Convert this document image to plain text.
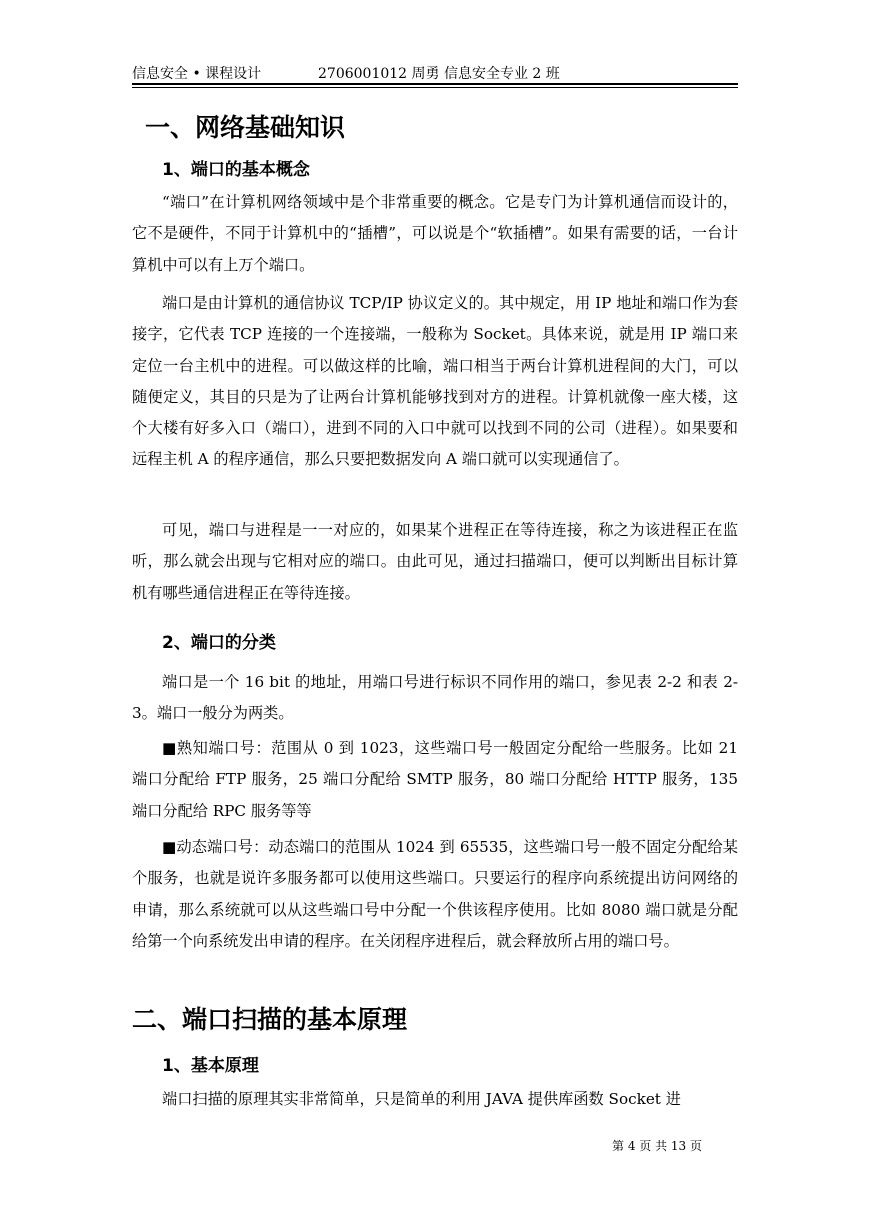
信息安全 • 课程设计	2706001012 周勇 信息安全专业 2 班
一、网络基础知识
1、端口的基本概念
“端口”在计算机网络领域中是个非常重要的概念。它是专门为计算机通信而设计的，它不是硬件，不同于计算机中的“插槽”，可以说是个“软插槽”。如果有需要的话，一台计算机中可以有上万个端口。
端口是由计算机的通信协议 TCP/IP 协议定义的。其中规定，用 IP 地址和端口作为套接字，它代表 TCP 连接的一个连接端，一般称为 Socket。具体来说，就是用 IP 端口来定位一台主机中的进程。可以做这样的比喻，端口相当于两台计算机进程间的大门，可以随便定义，其目的只是为了让两台计算机能够找到对方的进程。计算机就像一座大楼，这个大楼有好多入口（端口），进到不同的入口中就可以找到不同的公司（进程）。如果要和远程主机 A 的程序通信，那么只要把数据发向 A 端口就可以实现通信了。
可见，端口与进程是一一对应的，如果某个进程正在等待连接，称之为该进程正在监听，那么就会出现与它相对应的端口。由此可见，通过扫描端口，便可以判断出目标计算机有哪些通信进程正在等待连接。
2、端口的分类
端口是一个 16 bit 的地址，用端口号进行标识不同作用的端口，参见表 2-2 和表 2-3。端口一般分为两类。
■熟知端口号：范围从 0 到 1023，这些端口号一般固定分配给一些服务。比如 21 端口分配给 FTP 服务，25 端口分配给 SMTP 服务，80 端口分配给 HTTP 服务，135 端口分配给 RPC 服务等等
■动态端口号：动态端口的范围从 1024 到 65535，这些端口号一般不固定分配给某个服务，也就是说许多服务都可以使用这些端口。只要运行的程序向系统提出访问网络的申请，那么系统就可以从这些端口号中分配一个供该程序使用。比如 8080 端口就是分配给第一个向系统发出申请的程序。在关闭程序进程后，就会释放所占用的端口号。
二、端口扫描的基本原理
1、基本原理
端口扫描的原理其实非常简单，只是简单的利用 JAVA 提供库函数 Socket 进
第 4 页 共 13 页
